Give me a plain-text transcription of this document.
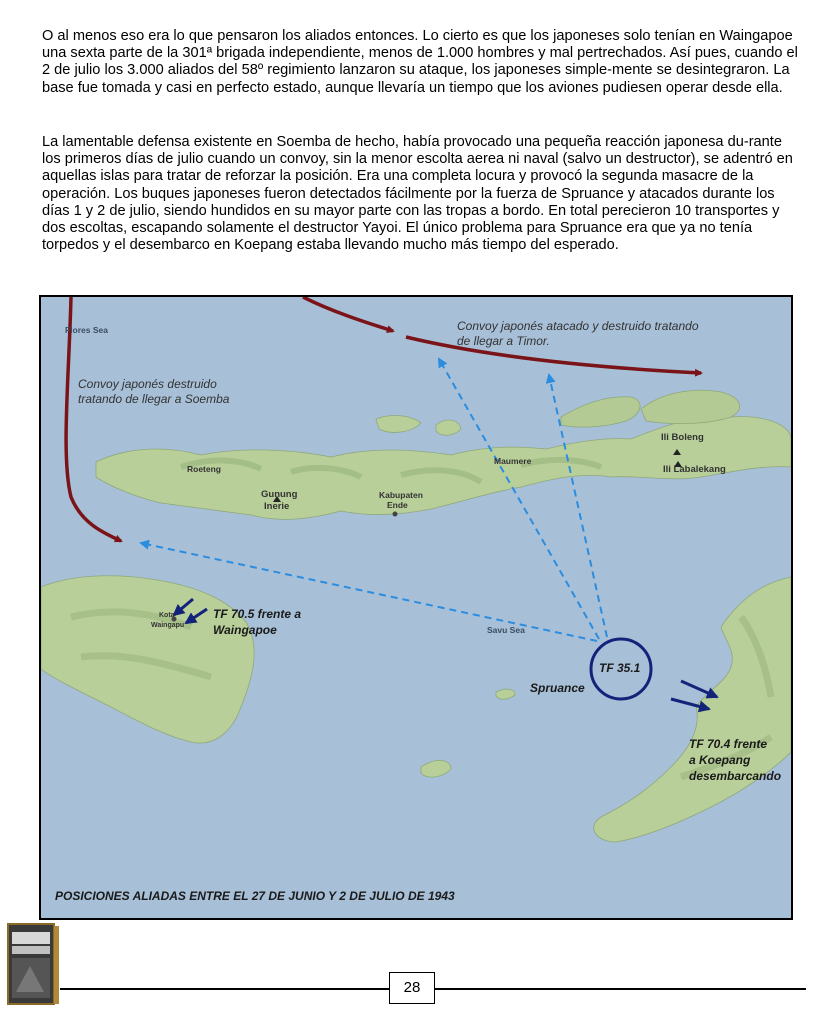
O al menos eso era lo que pensaron los aliados entonces. Lo cierto es que los japoneses solo tenían en Waingapoe una sexta parte de la 301ª brigada independiente, menos de 1.000 hombres y mal pertrechados. Así pues, cuando el 2 de julio los 3.000 aliados del 58º regimiento lanzaron su ataque, los japoneses simple-mente se desintegraron. La base fue tomada y casi en perfecto estado, aunque llevaría un tiempo que los aviones pudiesen operar desde ella.
La lamentable defensa existente en Soemba de hecho, había provocado una pequeña reacción japonesa du-rante los primeros días de julio cuando un convoy, sin la menor escolta aerea ni naval (salvo un destructor), se adentró en aquellas islas para tratar de reforzar la posición. Era una completa locura y provocó la segunda masacre de la operación. Los buques japoneses fueron detectados fácilmente por la fuerza de Spruance y atacados durante los días 1 y 2 de julio, siendo hundidos en su mayor parte con las tropas a bordo. En total perecieron 10 transportes y dos escoltas, escapando solamente el destructor Yayoi. El único problema para Spruance era que ya no tenía torpedos y el desembarco en Koepang estaba llevando mucho más tiempo del esperado.
Flores Sea
Savu Sea
Roeteng
Gunung
Inerie
Kabupaten
Ende
Maumere
Ili Boleng
Ili Labalekang
Kota
Waingapu
Convoy japonés atacado y destruido tratando
de llegar a Timor.
Convoy japonés destruido
tratando de llegar a Soemba
TF 70.5 frente a
Waingapoe
TF 35.1
Spruance
TF 70.4 frente
a Koepang
desembarcando
POSICIONES ALIADAS ENTRE EL 27 DE JUNIO Y 2 DE JULIO DE 1943
28
